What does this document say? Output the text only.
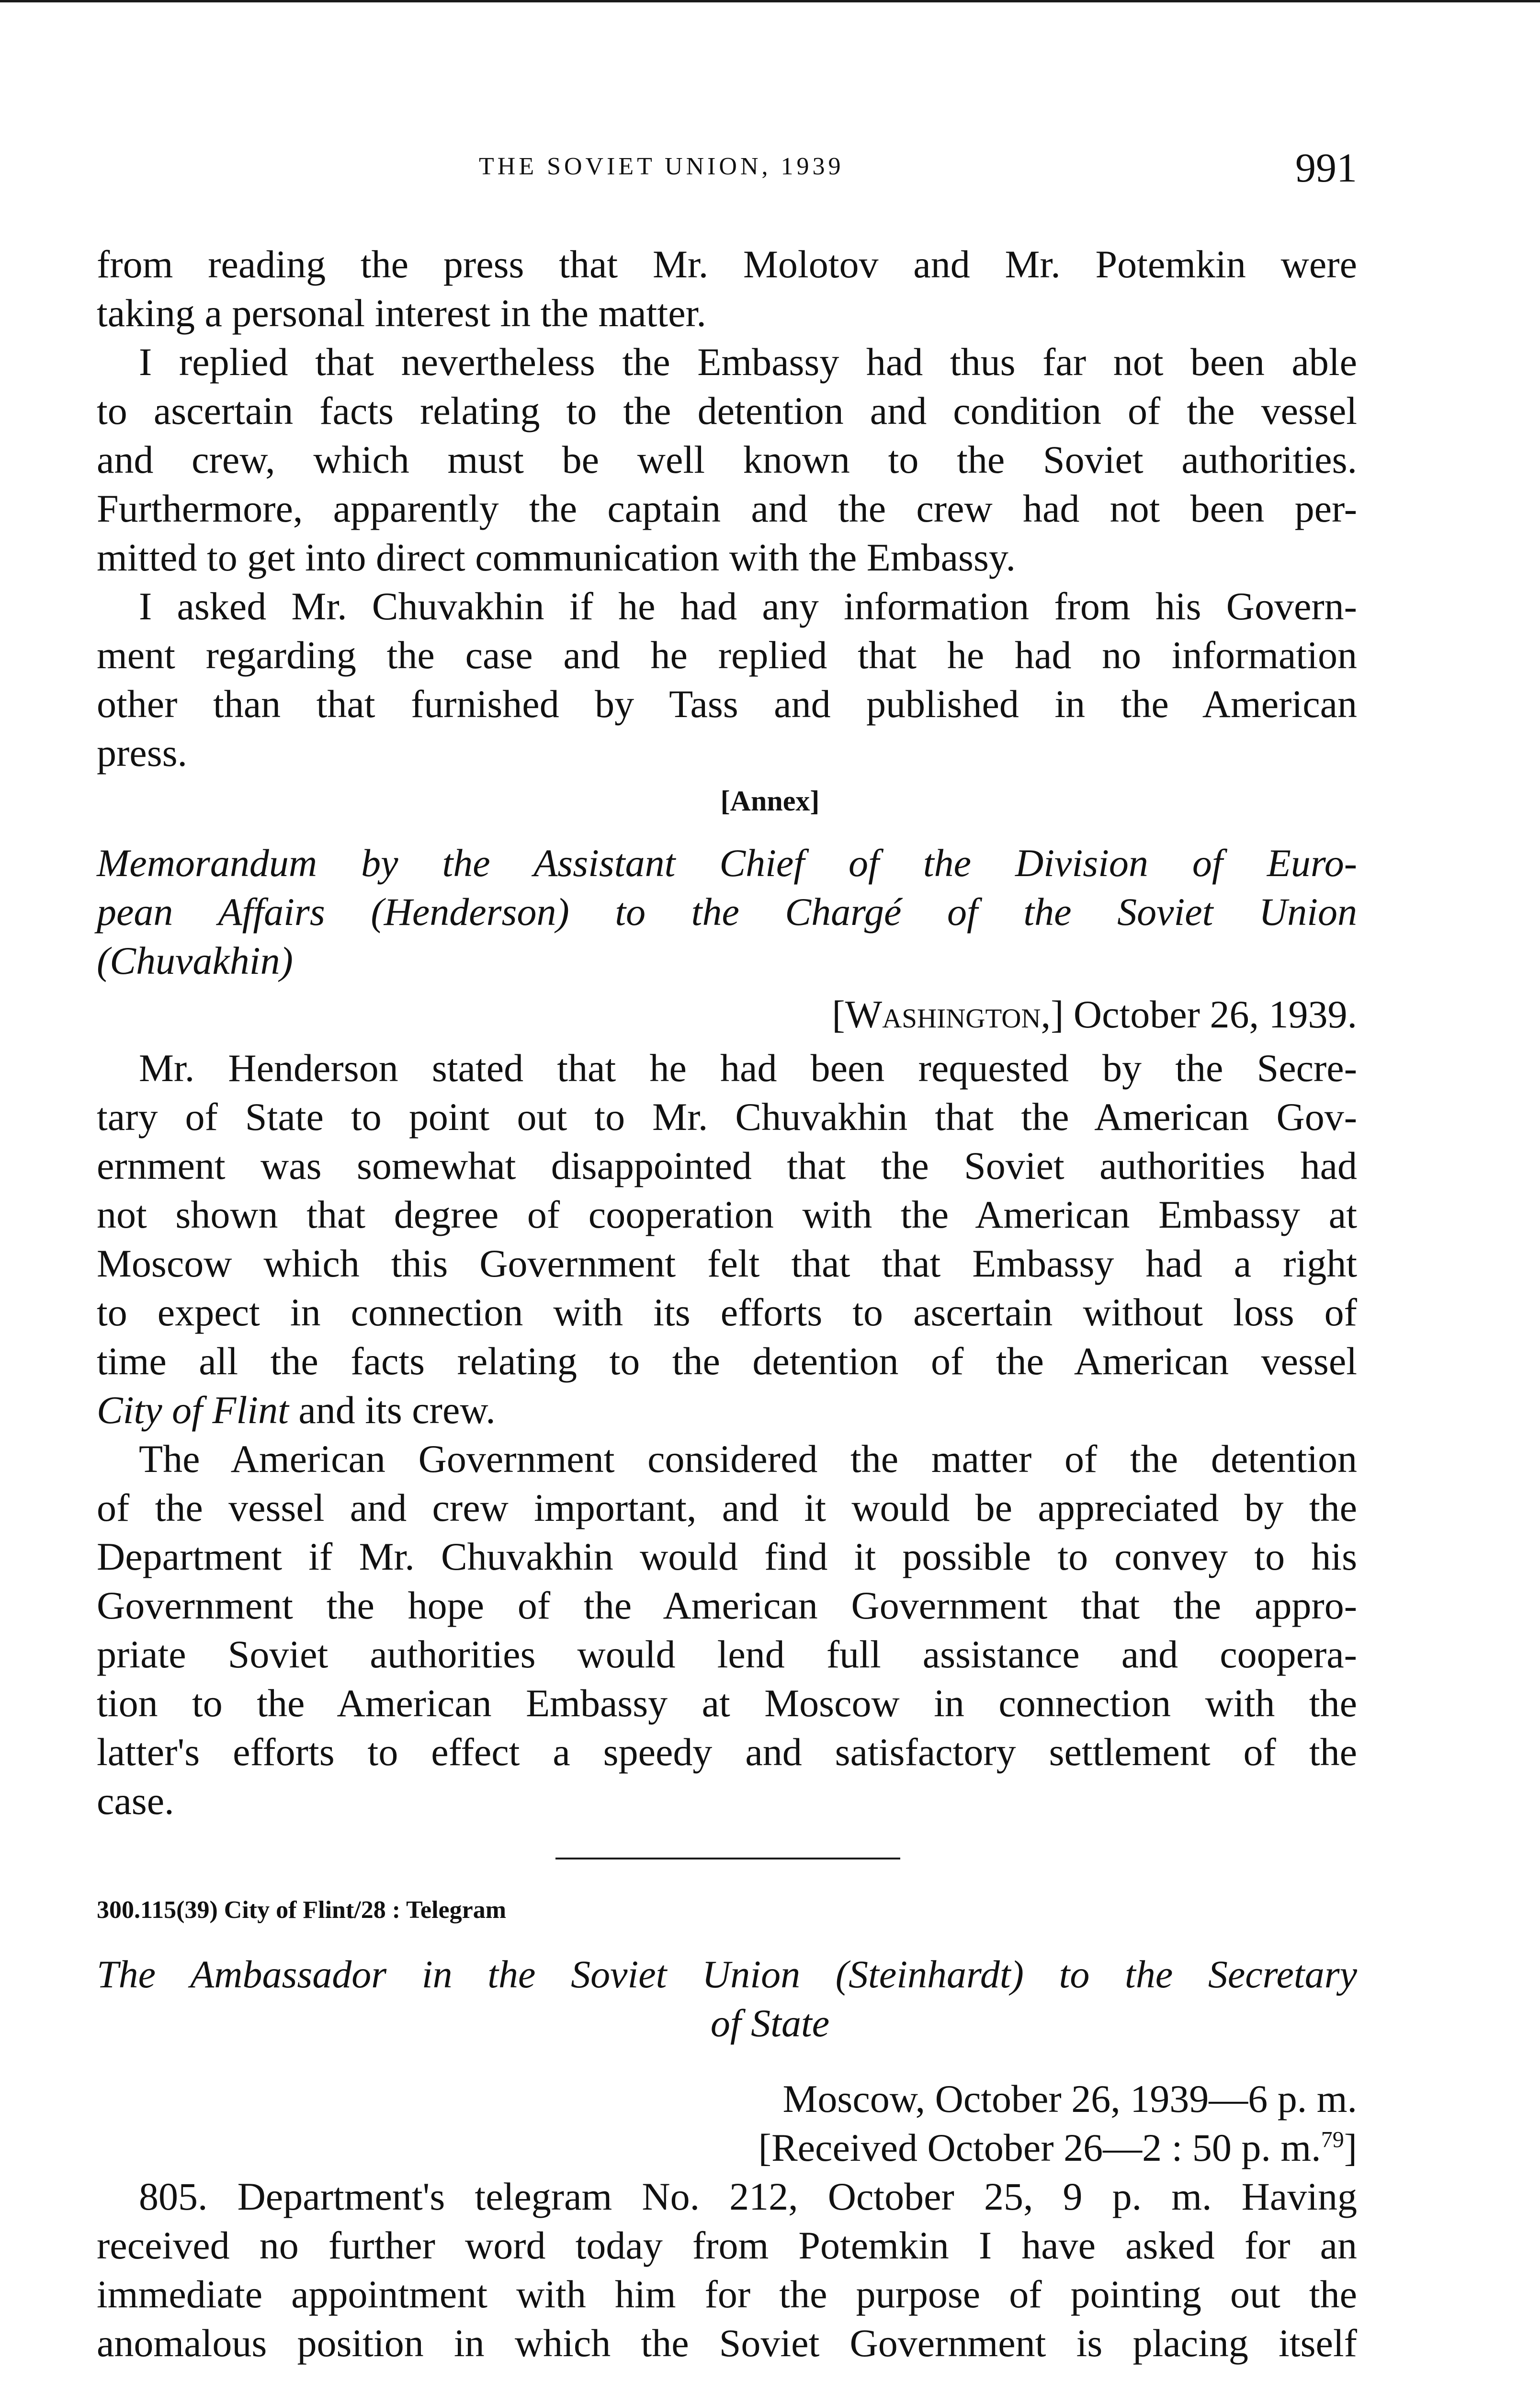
THE SOVIET UNION, 1939	991
from reading the press that Mr. Molotov and Mr. Potemkin were
taking a personal interest in the matter.
I replied that nevertheless the Embassy had thus far not been able
to ascertain facts relating to the detention and condition of the vessel
and crew, which must be well known to the Soviet authorities.
Furthermore, apparently the captain and the crew had not been per-
mitted to get into direct communication with the Embassy.
I asked Mr. Chuvakhin if he had any information from his Govern-
ment regarding the case and he replied that he had no information
other than that furnished by Tass and published in the American
press.
[Annex]
Memorandum by the Assistant Chief of the Division of Euro-
pean Affairs (Henderson) to the Chargé of the Soviet Union
(Chuvakhin)
[Washington,] October 26, 1939.
Mr. Henderson stated that he had been requested by the Secre-
tary of State to point out to Mr. Chuvakhin that the American Gov-
ernment was somewhat disappointed that the Soviet authorities had
not shown that degree of cooperation with the American Embassy at
Moscow which this Government felt that that Embassy had a right
to expect in connection with its efforts to ascertain without loss of
time all the facts relating to the detention of the American vessel
City of Flint and its crew.
The American Government considered the matter of the detention
of the vessel and crew important, and it would be appreciated by the
Department if Mr. Chuvakhin would find it possible to convey to his
Government the hope of the American Government that the appro-
priate Soviet authorities would lend full assistance and coopera-
tion to the American Embassy at Moscow in connection with the
latter's efforts to effect a speedy and satisfactory settlement of the
case.
300.115(39) City of Flint/28 : Telegram
The Ambassador in the Soviet Union (Steinhardt) to the Secretary
of State
Moscow, October 26, 1939—6 p. m.
[Received October 26—2 : 50 p. m.$^{79}$]
805. Department's telegram No. 212, October 25, 9 p. m. Having
received no further word today from Potemkin I have asked for an
immediate appointment with him for the purpose of pointing out the
anomalous position in which the Soviet Government is placing itself
